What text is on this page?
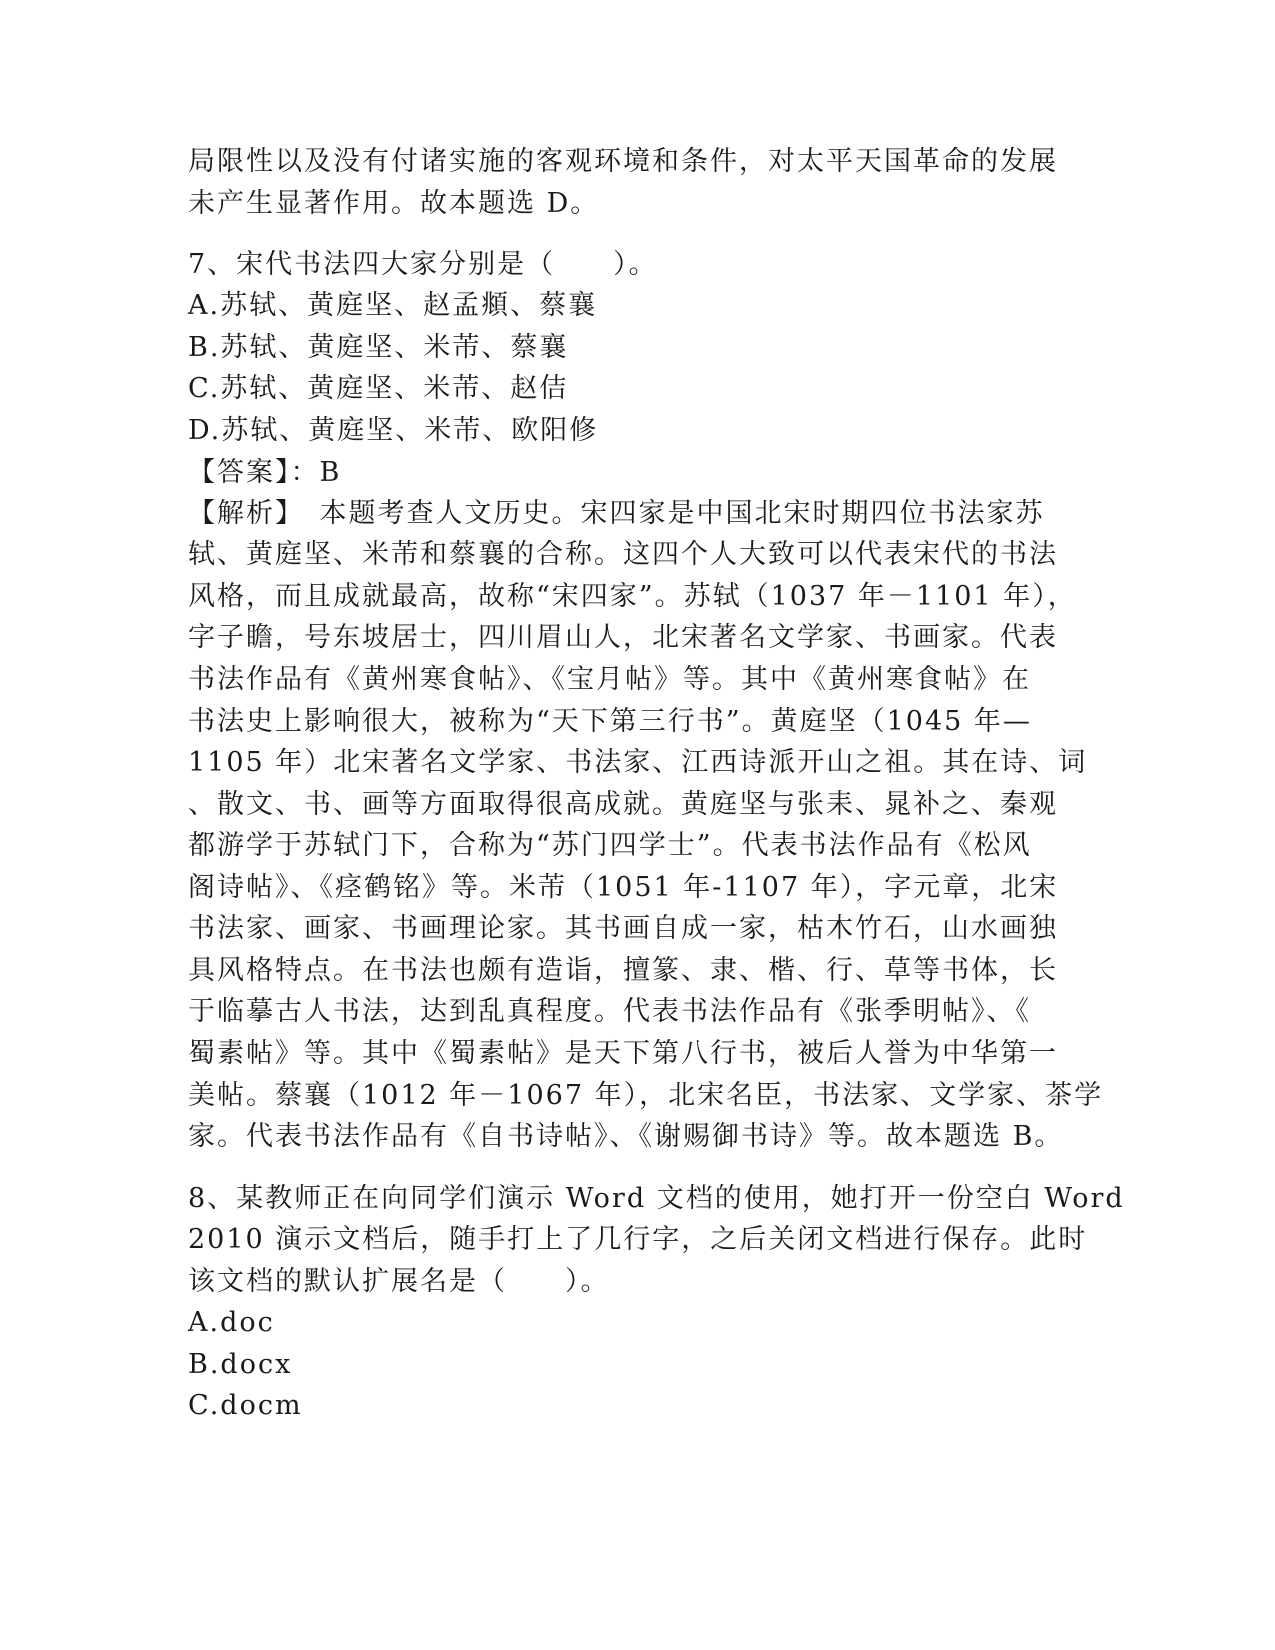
局限性以及没有付诸实施的客观环境和条件，对太平天国革命的发展
未产生显著作用。故本题选 D。
7、宋代书法四大家分别是（　　）。
A.苏轼、黄庭坚、赵孟頫、蔡襄
B.苏轼、黄庭坚、米芾、蔡襄
C.苏轼、黄庭坚、米芾、赵佶
D.苏轼、黄庭坚、米芾、欧阳修
【答案】：B
【解析】　本题考查人文历史。宋四家是中国北宋时期四位书法家苏
轼、黄庭坚、米芾和蔡襄的合称。这四个人大致可以代表宋代的书法
风格，而且成就最高，故称“宋四家”。苏轼（1037 年－1101 年），
字子瞻，号东坡居士，四川眉山人，北宋著名文学家、书画家。代表
书法作品有《黄州寒食帖》、《宝月帖》等。其中《黄州寒食帖》在
书法史上影响很大，被称为“天下第三行书”。黄庭坚（1045 年—
1105 年）北宋著名文学家、书法家、江西诗派开山之祖。其在诗、词
、散文、书、画等方面取得很高成就。黄庭坚与张耒、晁补之、秦观
都游学于苏轼门下，合称为“苏门四学士”。代表书法作品有《松风
阁诗帖》、《痉鹤铭》等。米芾（1051 年-1107 年），字元章，北宋
书法家、画家、书画理论家。其书画自成一家，枯木竹石，山水画独
具风格特点。在书法也颇有造诣，擅篆、隶、楷、行、草等书体，长
于临摹古人书法，达到乱真程度。代表书法作品有《张季明帖》、《
蜀素帖》等。其中《蜀素帖》是天下第八行书，被后人誉为中华第一
美帖。蔡襄（1012 年－1067 年），北宋名臣，书法家、文学家、茶学
家。代表书法作品有《自书诗帖》、《谢赐御书诗》等。故本题选 B。
8、某教师正在向同学们演示 Word 文档的使用，她打开一份空白 Word
2010 演示文档后，随手打上了几行字，之后关闭文档进行保存。此时
该文档的默认扩展名是（　　）。
A.doc
B.docx
C.docm
